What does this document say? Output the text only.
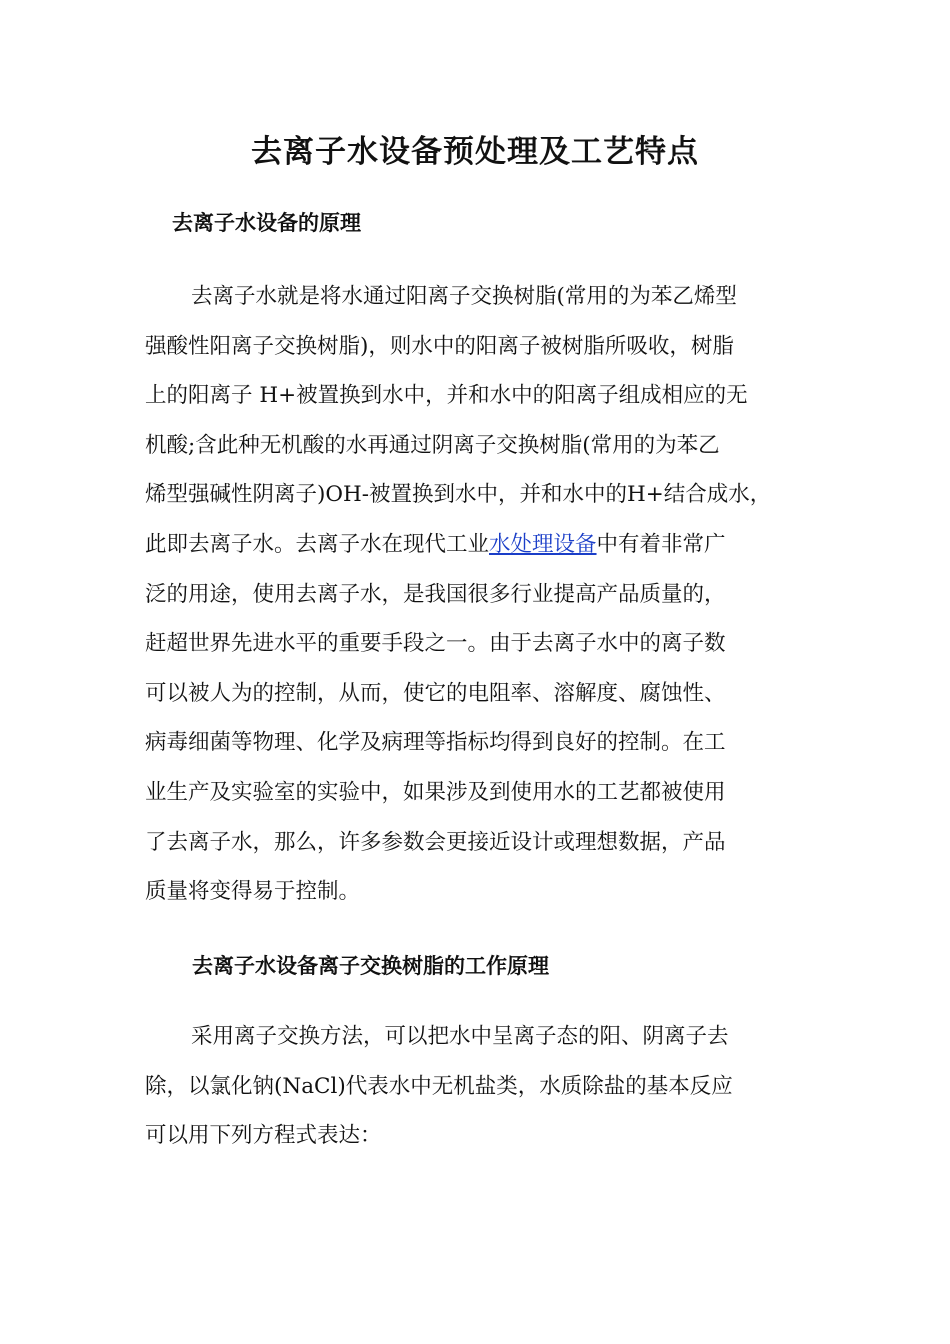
去离子水设备预处理及工艺特点
去离子水设备的原理
去离子水就是将水通过阳离子交换树脂(常用的为苯乙烯型
强酸性阳离子交换树脂)，则水中的阳离子被树脂所吸收，树脂
上的阳离子 H+被置换到水中，并和水中的阳离子组成相应的无
机酸;含此种无机酸的水再通过阴离子交换树脂(常用的为苯乙
烯型强碱性阴离子)OH-被置换到水中，并和水中的H+结合成水，
此即去离子水。去离子水在现代工业水处理设备中有着非常广
泛的用途，使用去离子水，是我国很多行业提高产品质量的，
赶超世界先进水平的重要手段之一。由于去离子水中的离子数
可以被人为的控制，从而，使它的电阻率、溶解度、腐蚀性、
病毒细菌等物理、化学及病理等指标均得到良好的控制。在工
业生产及实验室的实验中，如果涉及到使用水的工艺都被使用
了去离子水，那么，许多参数会更接近设计或理想数据，产品
质量将变得易于控制。
去离子水设备离子交换树脂的工作原理
采用离子交换方法，可以把水中呈离子态的阳、阴离子去
除，以氯化钠(NaCl)代表水中无机盐类，水质除盐的基本反应
可以用下列方程式表达：
